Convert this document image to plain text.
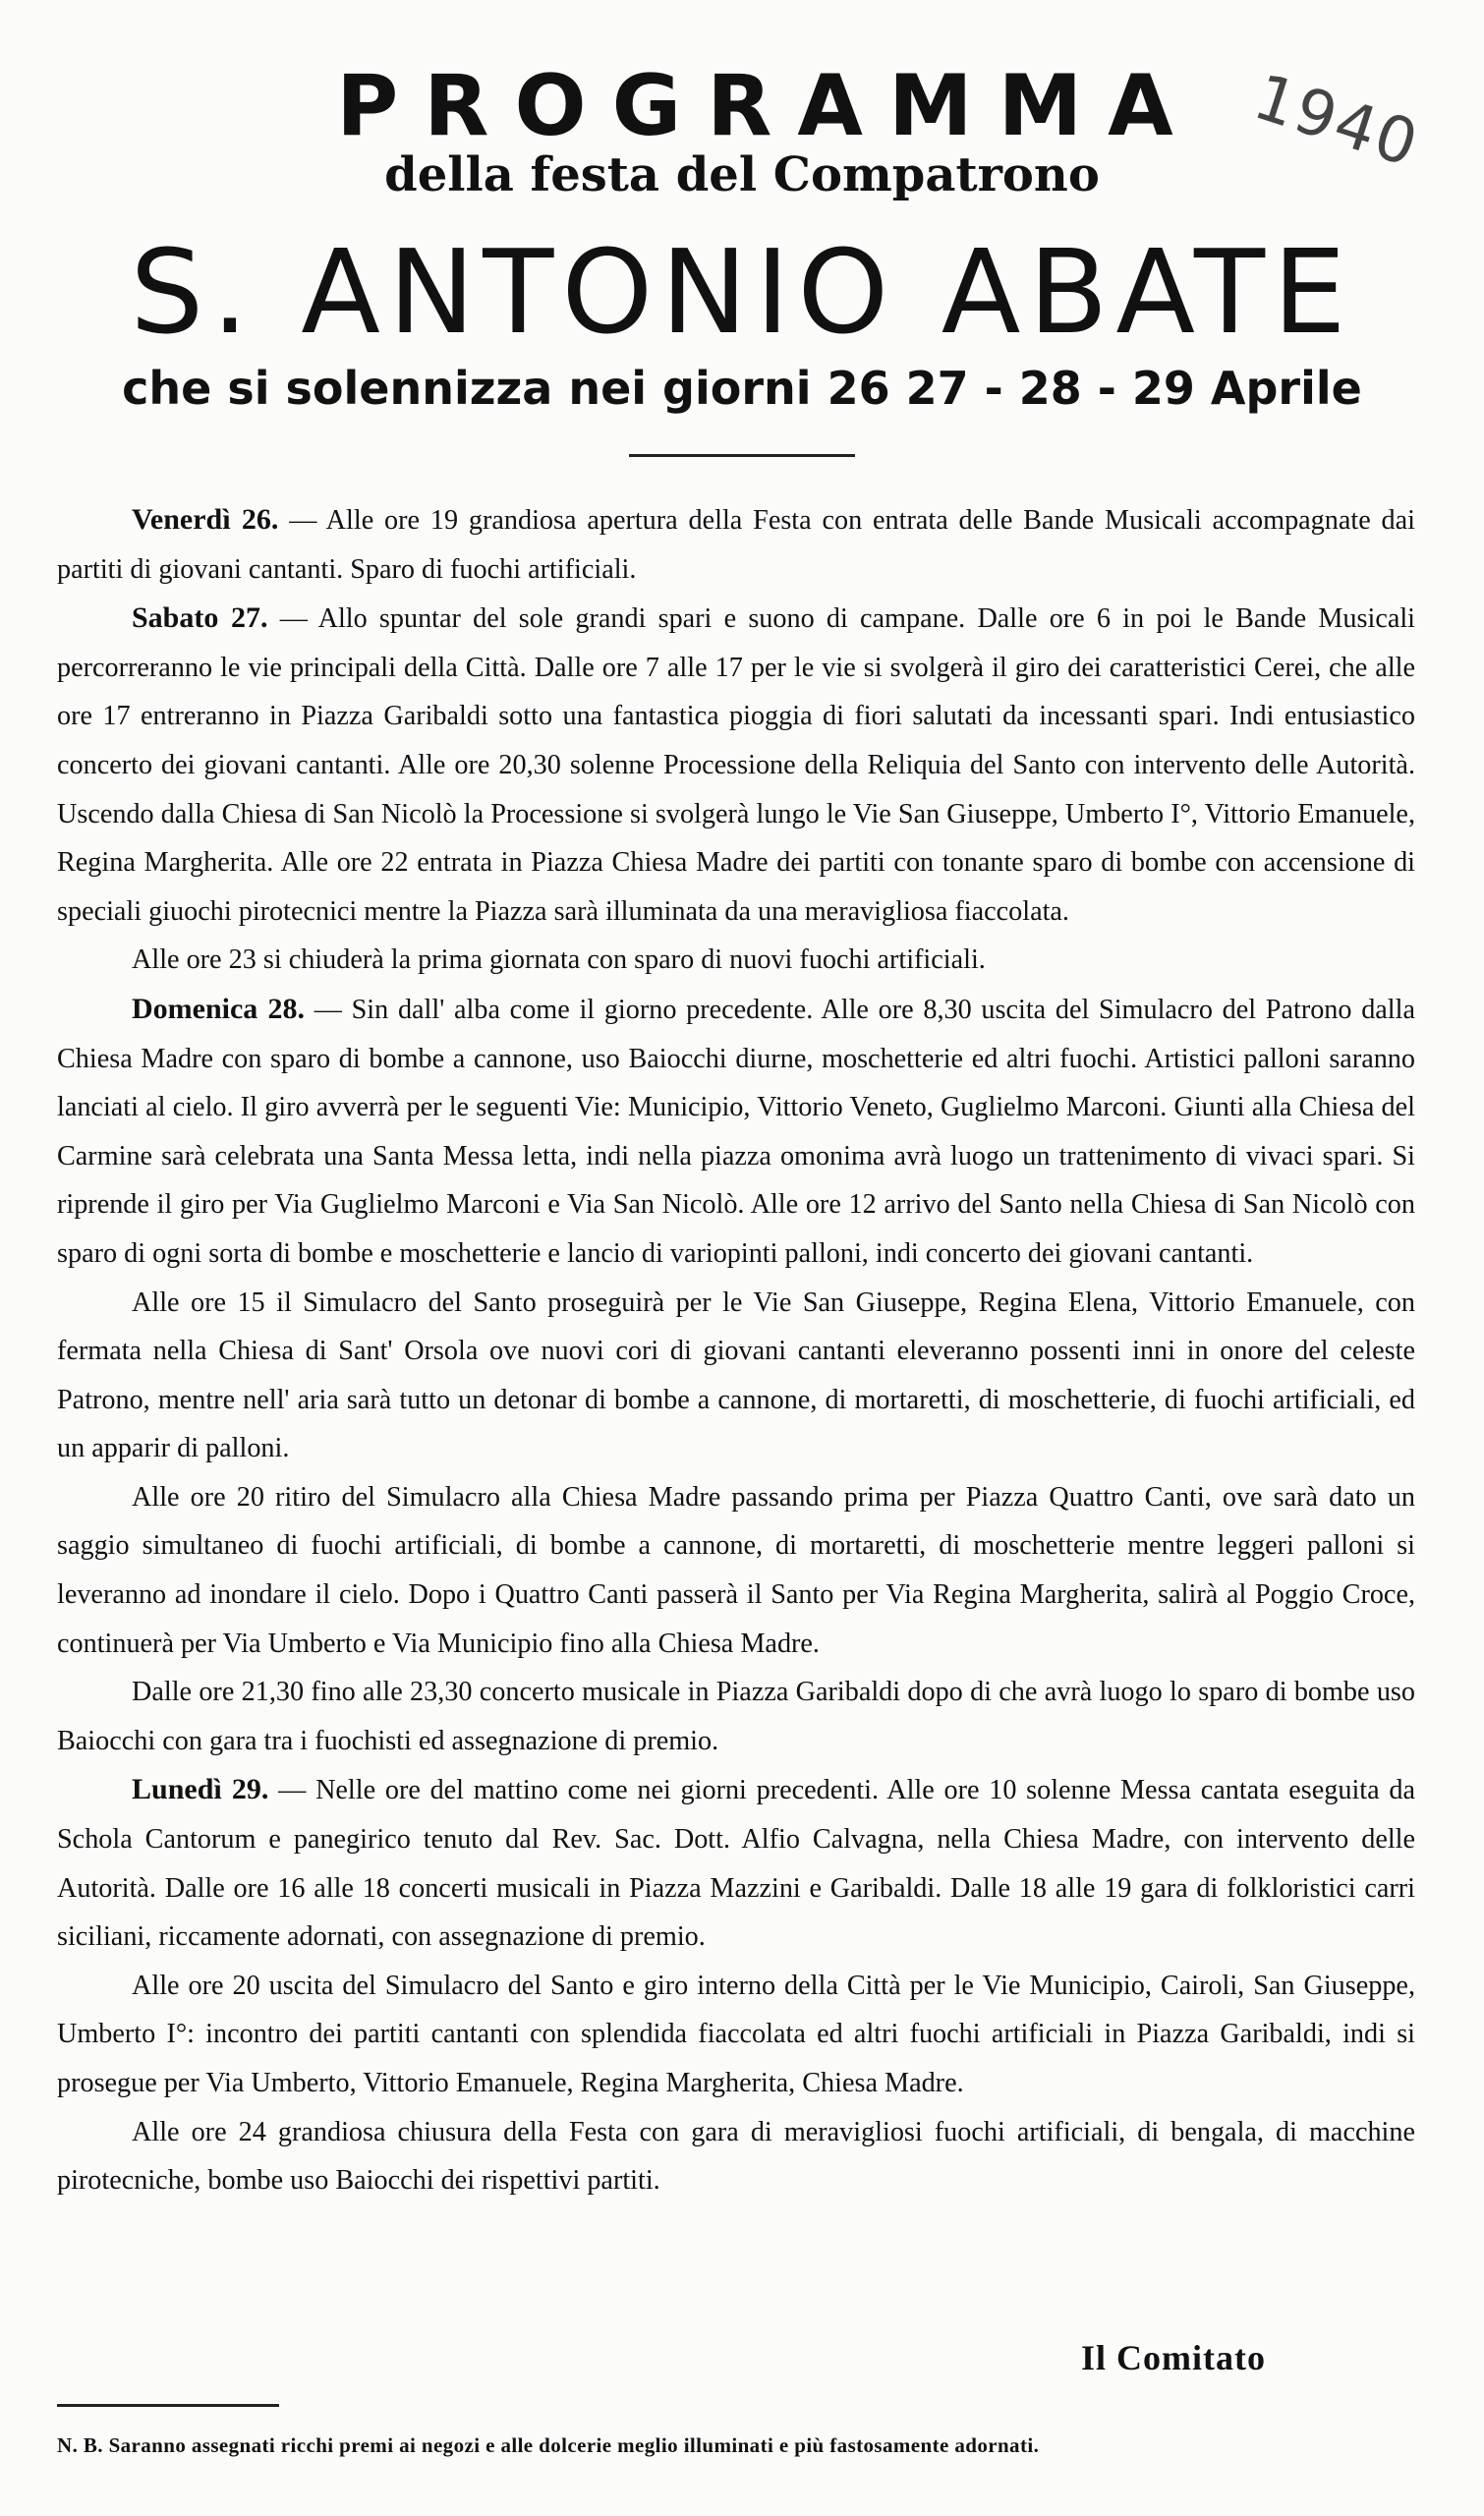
1940
PROGRAMMA
della festa del Compatrono
S. ANTONIO ABATE
che si solennizza nei giorni 26 27 - 28 - 29 Aprile

Venerdì 26. — Alle ore 19 grandiosa apertura della Festa con entrata delle Bande Musicali accompagnate dai partiti di giovani cantanti. Sparo di fuochi artificiali.

Sabato 27. — Allo spuntar del sole grandi spari e suono di campane. Dalle ore 6 in poi le Bande Musicali percorreranno le vie principali della Città. Dalle ore 7 alle 17 per le vie si svolgerà il giro dei caratteristici Cerei, che alle ore 17 entreranno in Piazza Garibaldi sotto una fantastica pioggia di fiori salutati da incessanti spari. Indi entusiastico concerto dei giovani cantanti. Alle ore 20,30 solenne Processione della Reliquia del Santo con intervento delle Autorità. Uscendo dalla Chiesa di San Nicolò la Processione si svolgerà lungo le Vie San Giuseppe, Umberto I°, Vittorio Emanuele, Regina Margherita. Alle ore 22 entrata in Piazza Chiesa Madre dei partiti con tonante sparo di bombe con accensione di speciali giuochi pirotecnici mentre la Piazza sarà illuminata da una meravigliosa fiaccolata.

Alle ore 23 si chiuderà la prima giornata con sparo di nuovi fuochi artificiali.

Domenica 28. — Sin dall' alba come il giorno precedente. Alle ore 8,30 uscita del Simulacro del Patrono dalla Chiesa Madre con sparo di bombe a cannone, uso Baiocchi diurne, moschetterie ed altri fuochi. Artistici palloni saranno lanciati al cielo. Il giro avverrà per le seguenti Vie: Municipio, Vittorio Veneto, Guglielmo Marconi. Giunti alla Chiesa del Carmine sarà celebrata una Santa Messa letta, indi nella piazza omonima avrà luogo un trattenimento di vivaci spari. Si riprende il giro per Via Guglielmo Marconi e Via San Nicolò. Alle ore 12 arrivo del Santo nella Chiesa di San Nicolò con sparo di ogni sorta di bombe e moschetterie e lancio di variopinti palloni, indi concerto dei giovani cantanti.

Alle ore 15 il Simulacro del Santo proseguirà per le Vie San Giuseppe, Regina Elena, Vittorio Emanuele, con fermata nella Chiesa di Sant' Orsola ove nuovi cori di giovani cantanti eleveranno possenti inni in onore del celeste Patrono, mentre nell' aria sarà tutto un detonar di bombe a cannone, di mortaretti, di moschetterie, di fuochi artificiali, ed un apparir di palloni.

Alle ore 20 ritiro del Simulacro alla Chiesa Madre passando prima per Piazza Quattro Canti, ove sarà dato un saggio simultaneo di fuochi artificiali, di bombe a cannone, di mortaretti, di moschetterie mentre leggeri palloni si leveranno ad inondare il cielo. Dopo i Quattro Canti passerà il Santo per Via Regina Margherita, salirà al Poggio Croce, continuerà per Via Umberto e Via Municipio fino alla Chiesa Madre.

Dalle ore 21,30 fino alle 23,30 concerto musicale in Piazza Garibaldi dopo di che avrà luogo lo sparo di bombe uso Baiocchi con gara tra i fuochisti ed assegnazione di premio.

Lunedì 29. — Nelle ore del mattino come nei giorni precedenti. Alle ore 10 solenne Messa cantata eseguita da Schola Cantorum e panegirico tenuto dal Rev. Sac. Dott. Alfio Calvagna, nella Chiesa Madre, con intervento delle Autorità. Dalle ore 16 alle 18 concerti musicali in Piazza Mazzini e Garibaldi. Dalle 18 alle 19 gara di folkloristici carri siciliani, riccamente adornati, con assegnazione di premio.

Alle ore 20 uscita del Simulacro del Santo e giro interno della Città per le Vie Municipio, Cairoli, San Giuseppe, Umberto I°: incontro dei partiti cantanti con splendida fiaccolata ed altri fuochi artificiali in Piazza Garibaldi, indi si prosegue per Via Umberto, Vittorio Emanuele, Regina Margherita, Chiesa Madre.

Alle ore 24 grandiosa chiusura della Festa con gara di meravigliosi fuochi artificiali, di bengala, di macchine pirotecniche, bombe uso Baiocchi dei rispettivi partiti.

Il Comitato
N. B. Saranno assegnati ricchi premi ai negozi e alle dolcerie meglio illuminati e più fastosamente adornati.
